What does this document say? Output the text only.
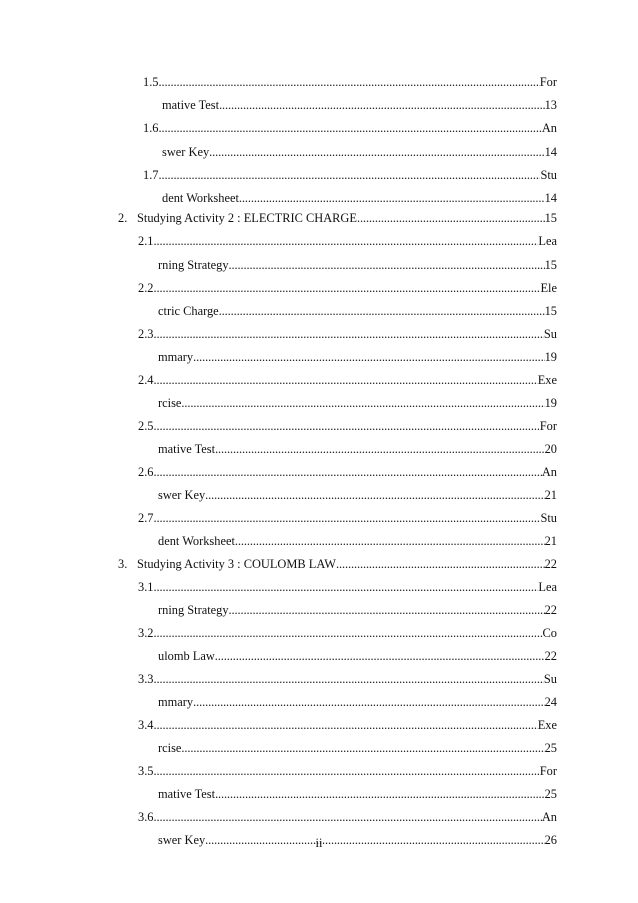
1.5 . . .	For
mative Test . . .	13
1.6 . . .	An
swer Key . . .	14
1.7 . . .	Stu
dent Worksheet . . .	14
2. Studying Activity 2 : ELECTRIC CHARGE . . .	15
2.1 . . .	Lea
rning Strategy . . .	15
2.2 . . .	Ele
ctric Charge . . .	15
2.3 . . .	Su
mmary . . .	19
2.4 . . .	Exe
rcise . . .	19
2.5 . . .	For
mative Test . . .	20
2.6 . . .	An
swer Key . . .	21
2.7 . . .	Stu
dent Worksheet . . .	21
3. Studying Activity 3 : COULOMB LAW . . .	22
3.1 . . .	Lea
rning Strategy . . .	22
3.2 . . .	Co
ulomb Law . . .	22
3.3 . . .	Su
mmary . . .	24
3.4 . . .	Exe
rcise . . .	25
3.5 . . .	For
mative Test . . .	25
3.6 . . .	An
swer Key . . .	26
ii
